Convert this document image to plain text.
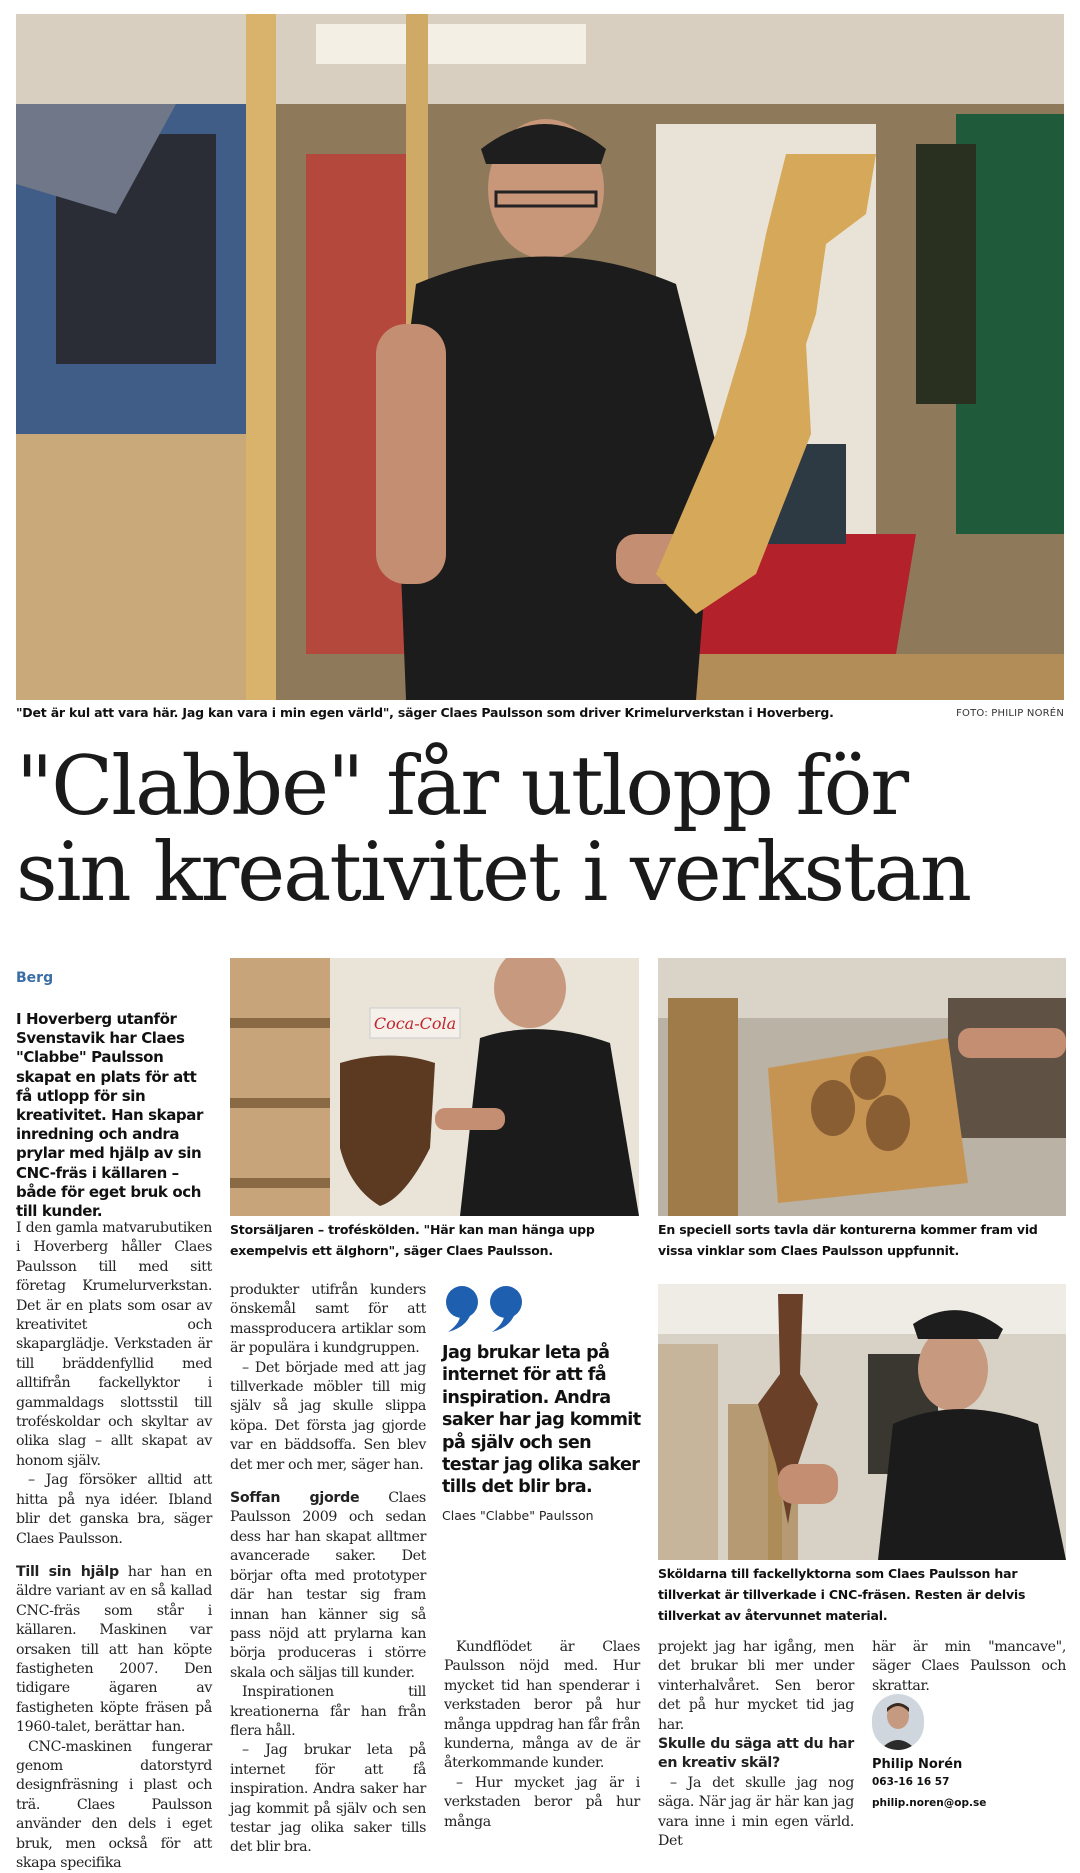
"Det är kul att vara här. Jag kan vara i min egen värld", säger Claes Paulsson som driver Krimelurverkstan i Hoverberg.	FOTO: PHILIP NORÉN
"Clabbe" får utlopp för
sin kreativitet i verkstan
Berg
I Hoverberg utanför Svenstavik har Claes "Clabbe" Paulsson skapat en plats för att få utlopp för sin kreativitet. Han skapar inredning och andra prylar med hjälp av sin CNC-fräs i källaren – både för eget bruk och till kunder.

I den gamla matvarubutiken i Hoverberg håller Claes Paulsson till med sitt företag Krumelurverkstan. Det är en plats som osar av kreativitet och skaparglädje. Verkstaden är till bräddenfyllid med alltifrån fackellyktor i gammaldags slottsstil till troféskoldar och skyltar av olika slag – allt skapat av honom själv.

– Jag försöker alltid att hitta på nya idéer. Ibland blir det ganska bra, säger Claes Paulsson.

Till sin hjälp har han en äldre variant av en så kallad CNC-fräs som står i källaren. Maskinen var orsaken till att han köpte fastigheten 2007. Den tidigare ägaren av fastigheten köpte fräsen på 1960-talet, berättar han.

CNC-maskinen fungerar genom datorstyrd designfräsning i plast och trä. Claes Paulsson använder den dels i eget bruk, men också för att skapa specifika

Coca-Cola
Storsäljaren – troféskölden. "Här kan man hänga upp exempelvis ett älghorn", säger Claes Paulsson.
En speciell sorts tavla där konturerna kommer fram vid vissa vinklar som Claes Paulsson uppfunnit.

produkter utifrån kunders önskemål samt för att massproducera artiklar som är populära i kundgruppen.

– Det började med att jag tillverkade möbler till mig själv så jag skulle slippa köpa. Det första jag gjorde var en bäddsoffa. Sen blev det mer och mer, säger han.

Soffan gjorde Claes Paulsson 2009 och sedan dess har han skapat alltmer avancerade saker. Det börjar ofta med prototyper där han testar sig fram innan han känner sig så pass nöjd att prylarna kan börja produceras i större skala och säljas till kunder.

Inspirationen till kreationerna får han från flera håll.

– Jag brukar leta på internet för att få inspiration. Andra saker har jag kommit på själv och sen testar jag olika saker tills det blir bra.

Jag brukar leta på internet för att få inspiration. Andra saker har jag kommit på själv och sen testar jag olika saker tills det blir bra.
Claes "Clabbe" Paulsson
Sköldarna till fackellyktorna som Claes Paulsson har tillverkat är tillverkade i CNC-fräsen. Resten är delvis tillverkat av återvunnet material.

Kundflödet är Claes Paulsson nöjd med. Hur mycket tid han spenderar i verkstaden beror på hur många uppdrag han får från kunderna, många av de är återkommande kunder.

– Hur mycket jag är i verkstaden beror på hur många

projekt jag har igång, men det brukar bli mer under vinterhalvåret. Sen beror det på hur mycket tid jag har.

Skulle du säga att du har en kreativ skäl?

– Ja det skulle jag nog säga. När jag är här kan jag vara inne i min egen värld. Det

här är min "mancave", säger Claes Paulsson och skrattar.

Philip Norén
063-16 16 57
philip.noren@op.se
